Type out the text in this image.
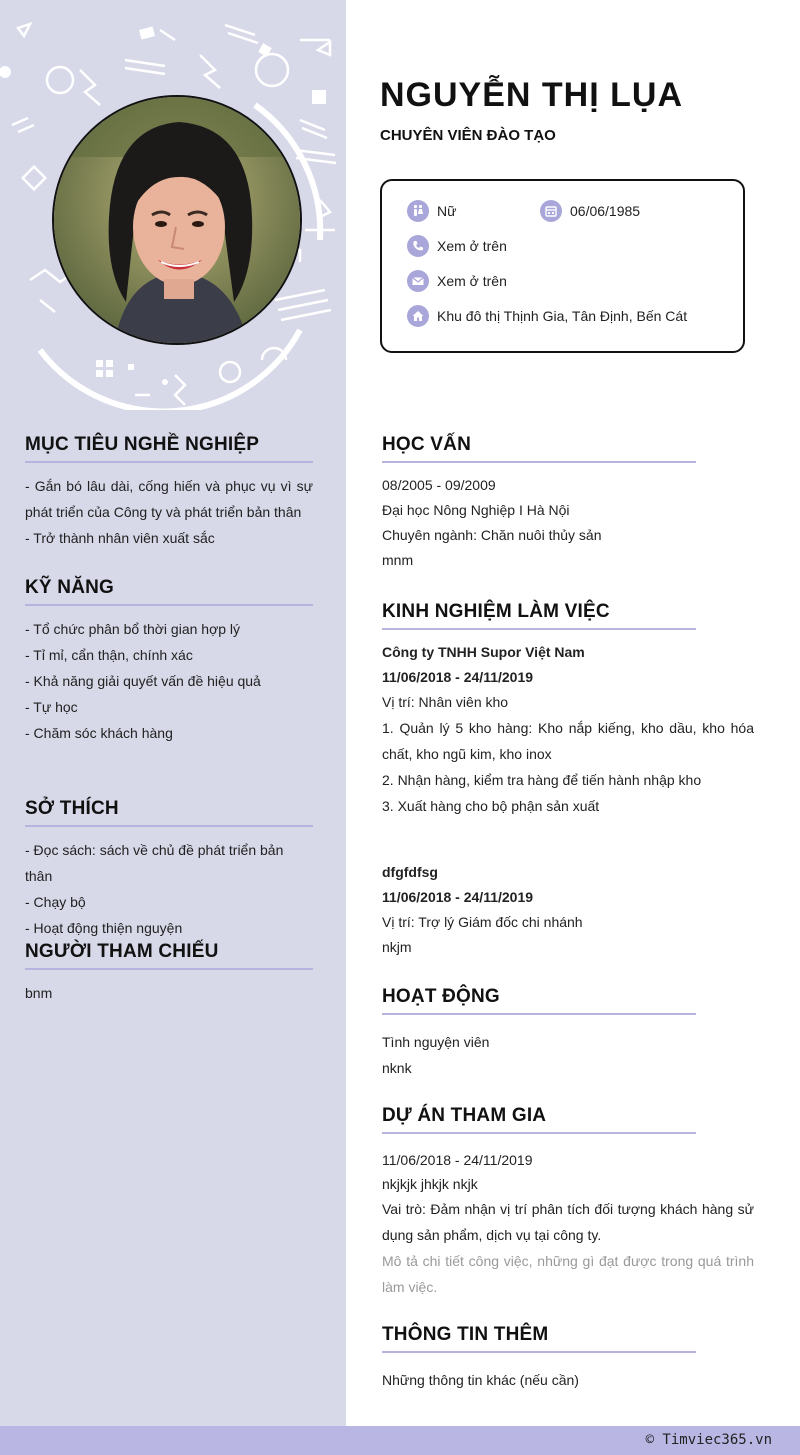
MỤC TIÊU NGHỀ NGHIỆP
- Gắn bó lâu dài, cống hiến và phục vụ vì sự phát triển của Công ty và phát triển bản thân
- Trở thành nhân viên xuất sắc
KỸ NĂNG
- Tổ chức phân bổ thời gian hợp lý
- Tỉ mỉ, cẩn thận, chính xác
- Khả năng giải quyết vấn đề hiệu quả
- Tự học
- Chăm sóc khách hàng
SỞ THÍCH
- Đọc sách: sách về chủ đề phát triển bản thân
- Chạy bộ
- Hoạt động thiện nguyện
NGƯỜI THAM CHIẾU
bnm
NGUYỄN THỊ LỤA
CHUYÊN VIÊN ĐÀO TẠO
Nữ	06/06/1985
Xem ở trên
Xem ở trên
Khu đô thị Thịnh Gia, Tân Định, Bến Cát
HỌC VẤN
08/2005 - 09/2009
Đại học Nông Nghiệp I Hà Nội
Chuyên ngành: Chăn nuôi thủy sản
mnm
KINH NGHIỆM LÀM VIỆC
Công ty TNHH Supor Việt Nam
11/06/2018 - 24/11/2019
Vị trí: Nhân viên kho
1. Quản lý 5 kho hàng: Kho nắp kiếng, kho dầu, kho hóa chất, kho ngũ kim, kho inox
2. Nhận hàng, kiểm tra hàng để tiến hành nhập kho
3. Xuất hàng cho bộ phận sản xuất
dfgfdfsg
11/06/2018 - 24/11/2019
Vị trí: Trợ lý Giám đốc chi nhánh
nkjm
HOẠT ĐỘNG
Tình nguyện viên
nknk
DỰ ÁN THAM GIA
11/06/2018 - 24/11/2019
nkjkjk jhkjk nkjk
Vai trò: Đảm nhận vị trí phân tích đối tượng khách hàng sử dụng sản phẩm, dịch vụ tại công ty.
Mô tả chi tiết công việc, những gì đạt được trong quá trình làm việc.
THÔNG TIN THÊM
Những thông tin khác (nếu cần)
© Timviec365.vn
